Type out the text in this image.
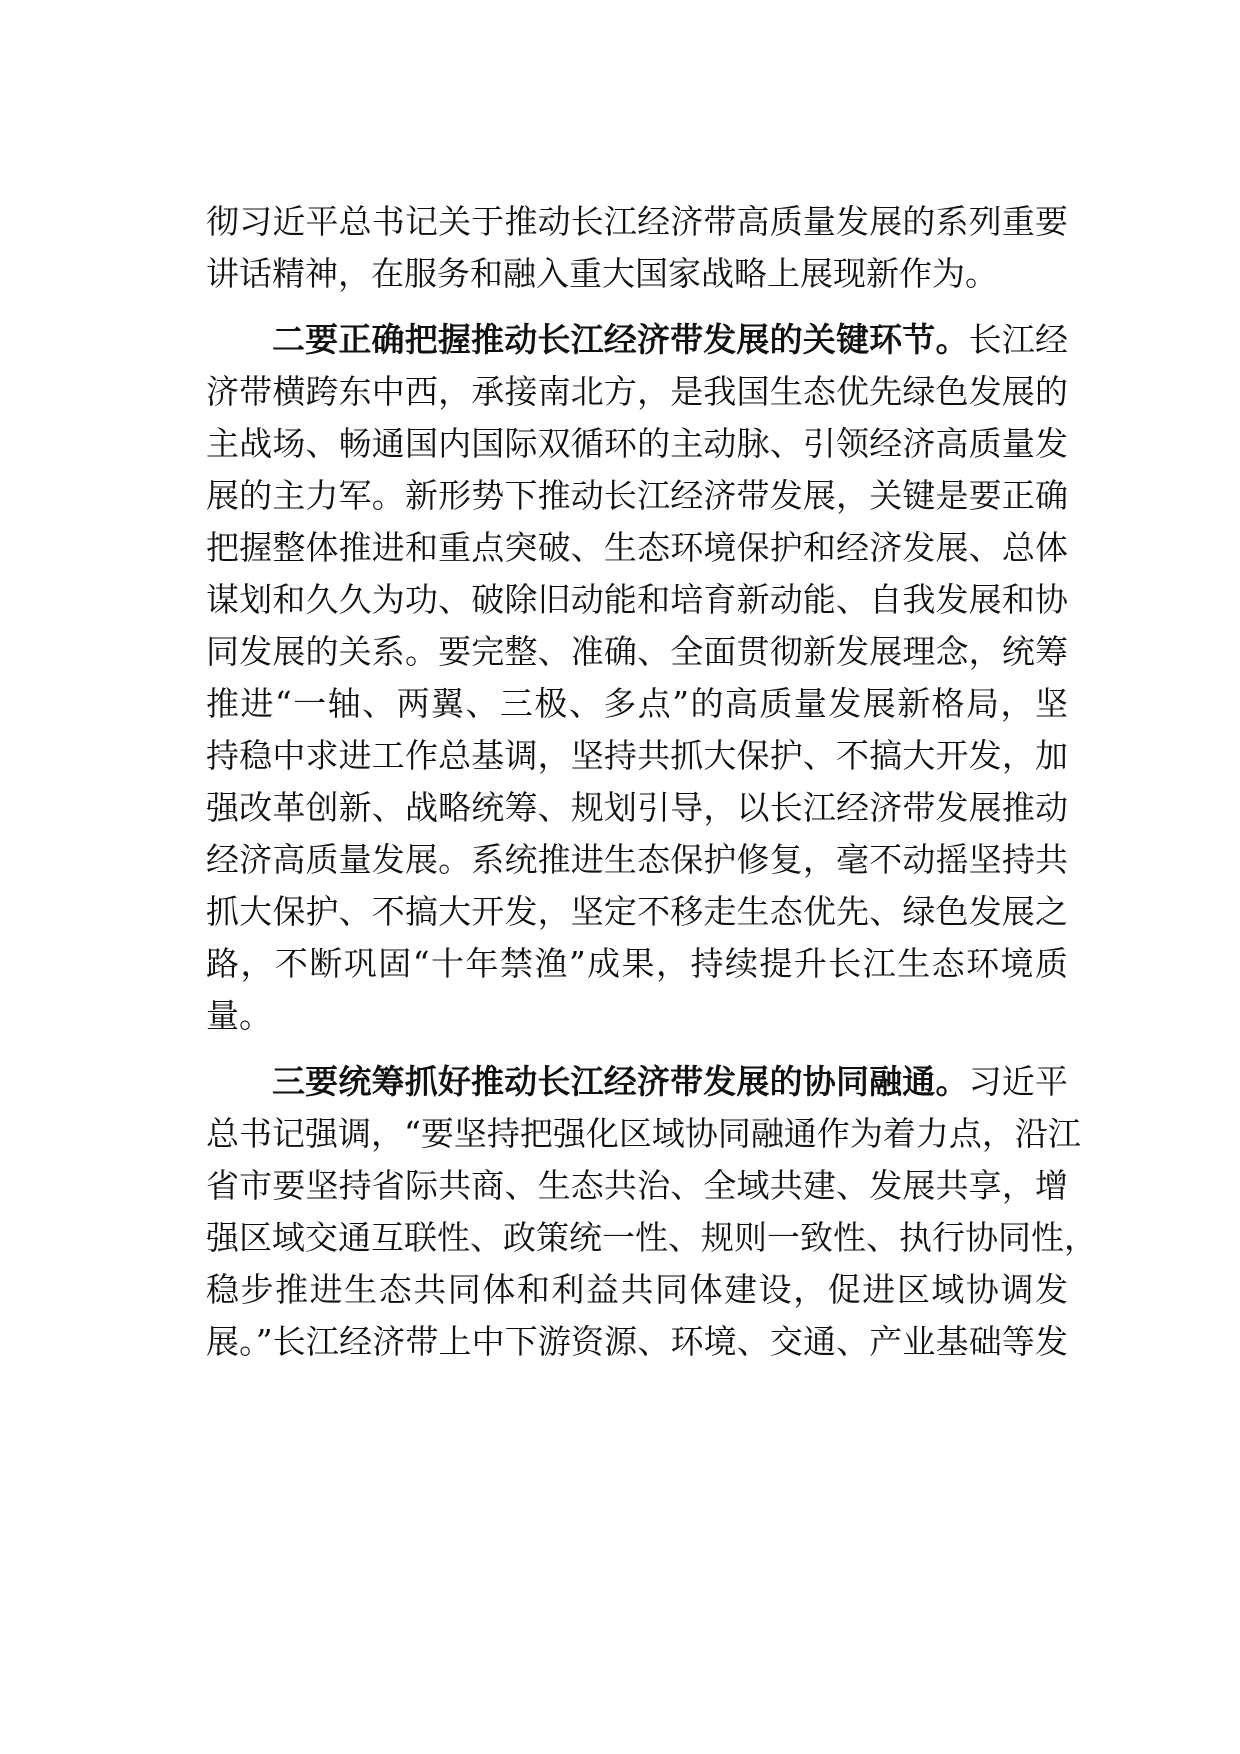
彻习近平总书记关于推动长江经济带高质量发展的系列重要
讲话精神，在服务和融入重大国家战略上展现新作为。
二要正确把握推动长江经济带发展的关键环节。长江经
济带横跨东中西，承接南北方，是我国生态优先绿色发展的
主战场、畅通国内国际双循环的主动脉、引领经济高质量发
展的主力军。新形势下推动长江经济带发展，关键是要正确
把握整体推进和重点突破、生态环境保护和经济发展、总体
谋划和久久为功、破除旧动能和培育新动能、自我发展和协
同发展的关系。要完整、准确、全面贯彻新发展理念，统筹
推进“一轴、两翼、三极、多点”的高质量发展新格局，坚
持稳中求进工作总基调，坚持共抓大保护、不搞大开发，加
强改革创新、战略统筹、规划引导，以长江经济带发展推动
经济高质量发展。系统推进生态保护修复，毫不动摇坚持共
抓大保护、不搞大开发，坚定不移走生态优先、绿色发展之
路，不断巩固“十年禁渔”成果，持续提升长江生态环境质
量。
三要统筹抓好推动长江经济带发展的协同融通。习近平
总书记强调，“要坚持把强化区域协同融通作为着力点，沿江
省市要坚持省际共商、生态共治、全域共建、发展共享，增
强区域交通互联性、政策统一性、规则一致性、执行协同性，
稳步推进生态共同体和利益共同体建设，促进区域协调发
展。”长江经济带上中下游资源、环境、交通、产业基础等发
